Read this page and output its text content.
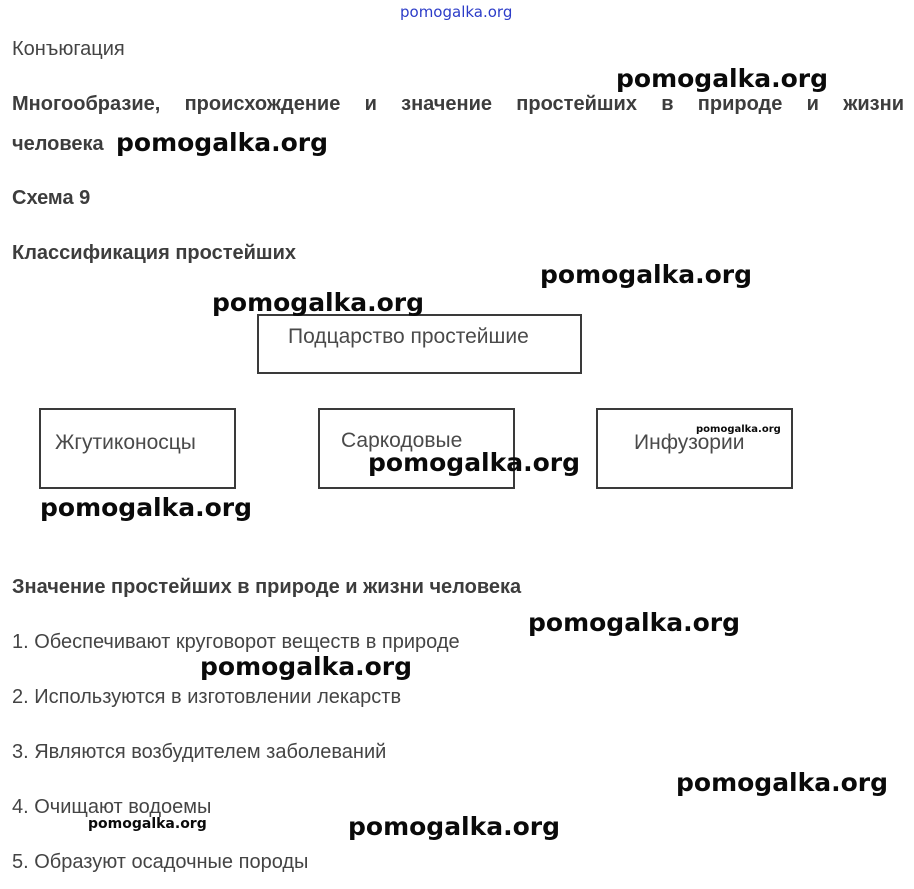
pomogalka.org
Конъюгация
Многообразие, происхождение и значение простейших в природе и жизни
человека
Схема 9
Классификация простейших
Подцарство простейшие
Жгутиконосцы	Саркодовые	Инфузории
Значение простейших в природе и жизни человека
1. Обеспечивают круговорот веществ в природе
2. Используются в изготовлении лекарств
3. Являются возбудителем заболеваний
4. Очищают водоемы
5. Образуют осадочные породы
pomogalka.org
pomogalka.org
pomogalka.org
pomogalka.org
pomogalka.org
pomogalka.org
pomogalka.org
pomogalka.org
pomogalka.org
pomogalka.org
pomogalka.org	pomogalka.org
